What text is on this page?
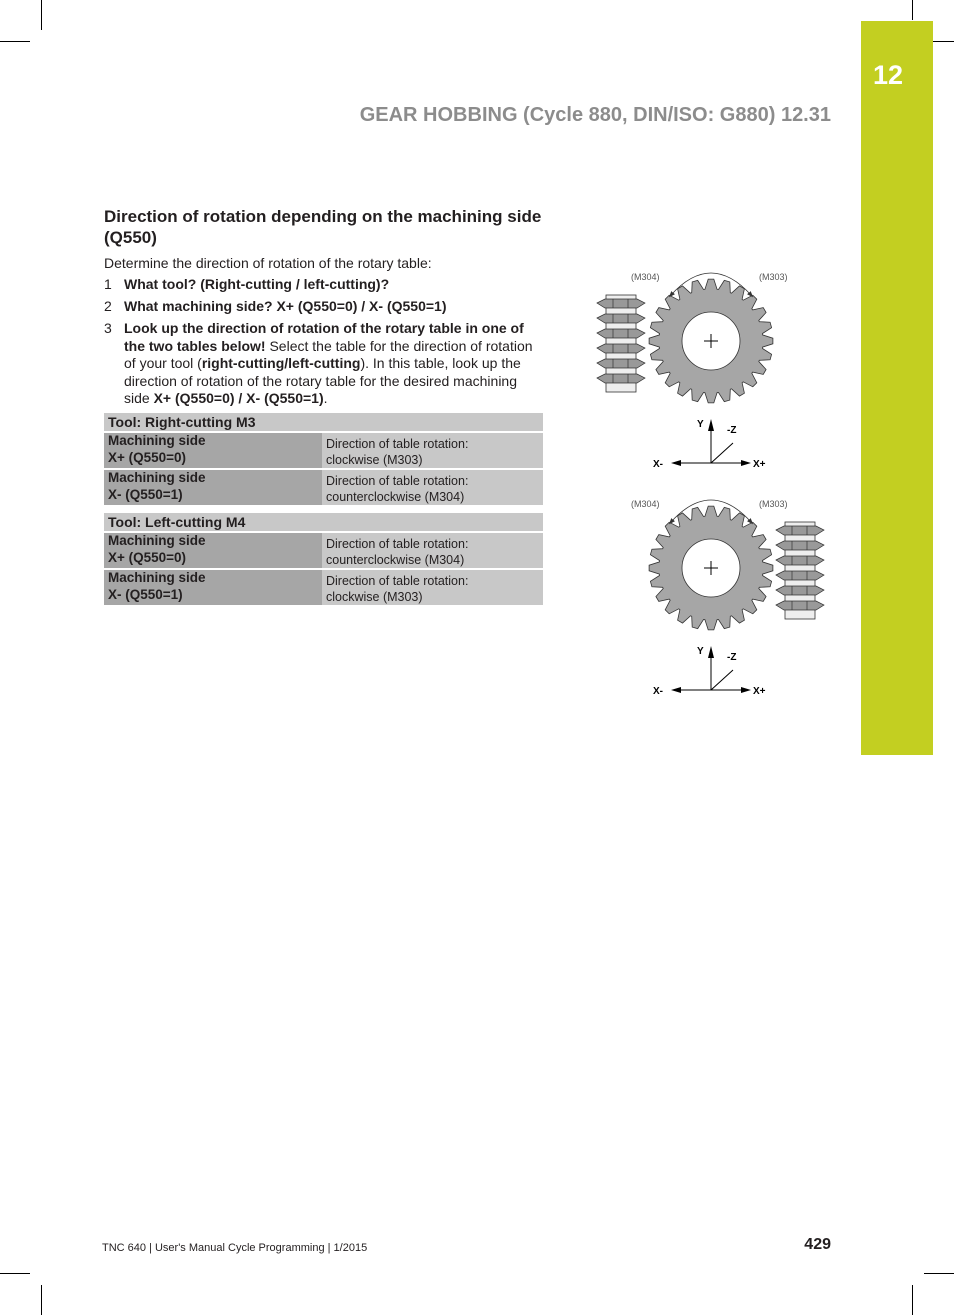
12
GEAR HOBBING (Cycle 880, DIN/ISO: G880) 12.31
Direction of rotation depending on the machining side (Q550)
Determine the direction of rotation of the rotary table:
1 What tool? (Right-cutting / left-cutting)?
2 What machining side? X+ (Q550=0) / X- (Q550=1)
3 Look up the direction of rotation of the rotary table in one of the two tables below! Select the table for the direction of rotation of your tool (right-cutting/left-cutting). In this table, look up the direction of rotation of the rotary table for the desired machining side X+ (Q550=0) / X- (Q550=1).
Tool: Right-cutting M3	
Machining side
X+ (Q550=0)	Direction of table rotation:
clockwise (M303)
Machining side
X- (Q550=1)	Direction of table rotation:
counterclockwise (M304)
Tool: Left-cutting M4	
Machining side
X+ (Q550=0)	Direction of table rotation:
counterclockwise (M304)
Machining side
X- (Q550=1)	Direction of table rotation:
clockwise (M303)
(M304)	(M303)
Y
-Z
X-	X+
(M304)	(M303)
Y
-Z
X-	X+
TNC 640 | User's Manual Cycle Programming | 1/2015	429
